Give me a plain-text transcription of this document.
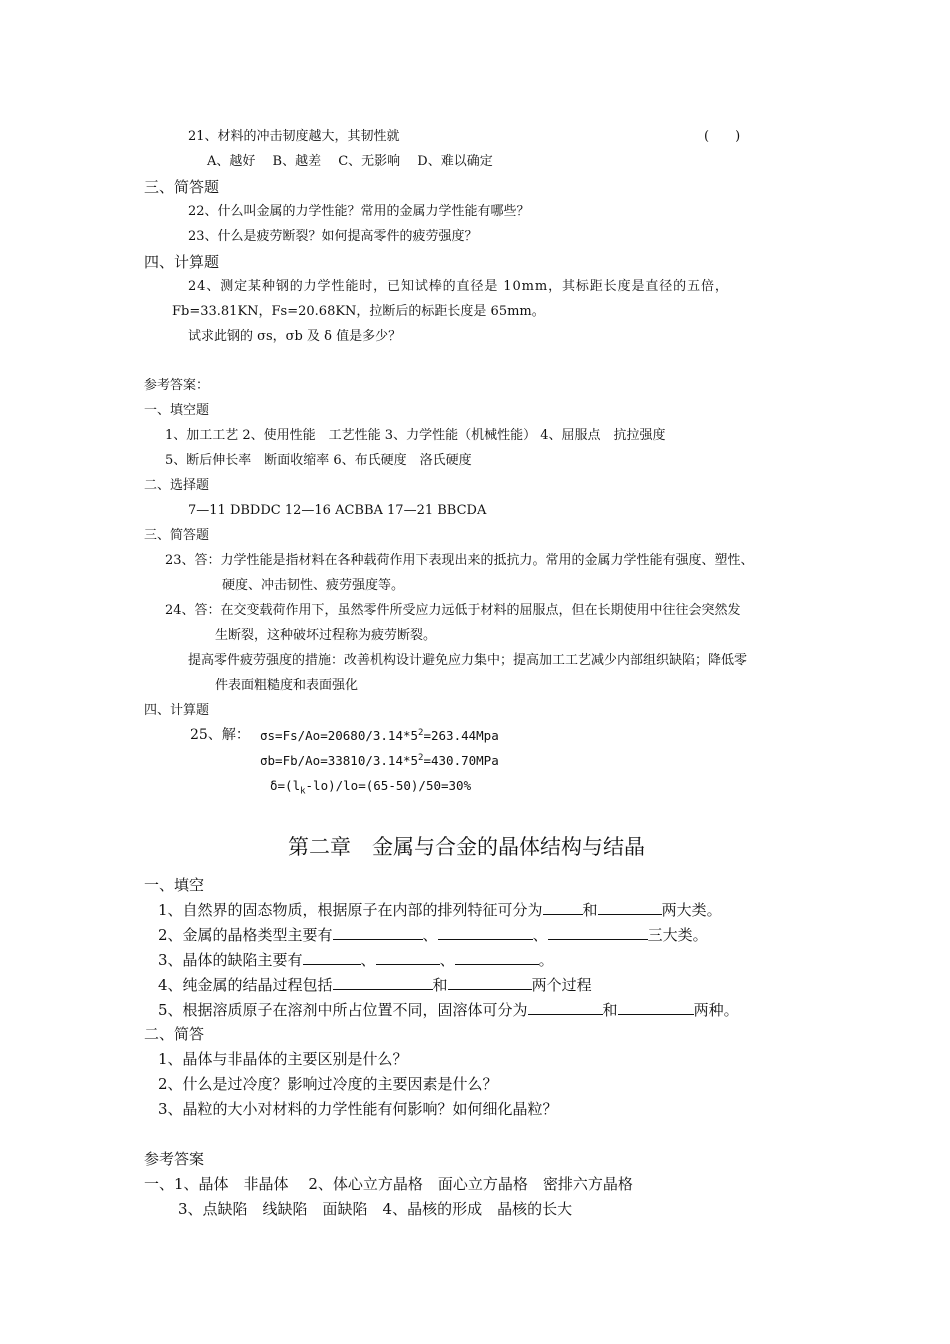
21、材料的冲击韧度越大，其韧性就	(　　)
A、越好　 B、越差　 C、无影响　 D、难以确定
三、简答题
22、什么叫金属的力学性能？常用的金属力学性能有哪些？
23、什么是疲劳断裂？如何提高零件的疲劳强度？
四、计算题
24、测定某种钢的力学性能时，已知试棒的直径是 10mm，其标距长度是直径的五倍，
Fb=33.81KN，Fs=20.68KN，拉断后的标距长度是 65mm。
试求此钢的 σs，σb 及 δ 值是多少？
参考答案：
一、填空题
1、加工工艺 2、使用性能　工艺性能 3、力学性能（机械性能） 4、屈服点　抗拉强度
5、断后伸长率　断面收缩率 6、布氏硬度　洛氏硬度
二、选择题
7—11 DBDDC 12—16 ACBBA 17—21 BBCDA
三、简答题
23、答：力学性能是指材料在各种载荷作用下表现出来的抵抗力。常用的金属力学性能有强度、塑性、
硬度、冲击韧性、疲劳强度等。
24、答：在交变载荷作用下，虽然零件所受应力远低于材料的屈服点，但在长期使用中往往会突然发
生断裂，这种破坏过程称为疲劳断裂。
提高零件疲劳强度的措施：改善机构设计避免应力集中；提高加工工艺减少内部组织缺陷；降低零
件表面粗糙度和表面强化
四、计算题
25、解： $\sigma s=Fs/Ao=20680/3.14*5^2=263.44Mpa$
$\sigma b=Fb/Ao=33810/3.14*5^2=430.70MPa$
$\delta=(l_k-lo)/lo=(65-50)/50=30\%$
第二章　金属与合金的晶体结构与结晶
一、填空
1、自然界的固态物质，根据原子在内部的排列特征可分为	和	两大类。
2、金属的晶格类型主要有	、	、	三大类。
3、晶体的缺陷主要有	、	、	。
4、纯金属的结晶过程包括	和	两个过程
5、根据溶质原子在溶剂中所占位置不同，固溶体可分为	和	两种。
二、简答
1、晶体与非晶体的主要区别是什么？
2、什么是过冷度？影响过冷度的主要因素是什么？
3、晶粒的大小对材料的力学性能有何影响？如何细化晶粒？
参考答案
一、1、晶体　非晶体　 2、体心立方晶格　面心立方晶格　密排六方晶格
3、点缺陷　线缺陷　面缺陷　4、晶核的形成　晶核的长大
